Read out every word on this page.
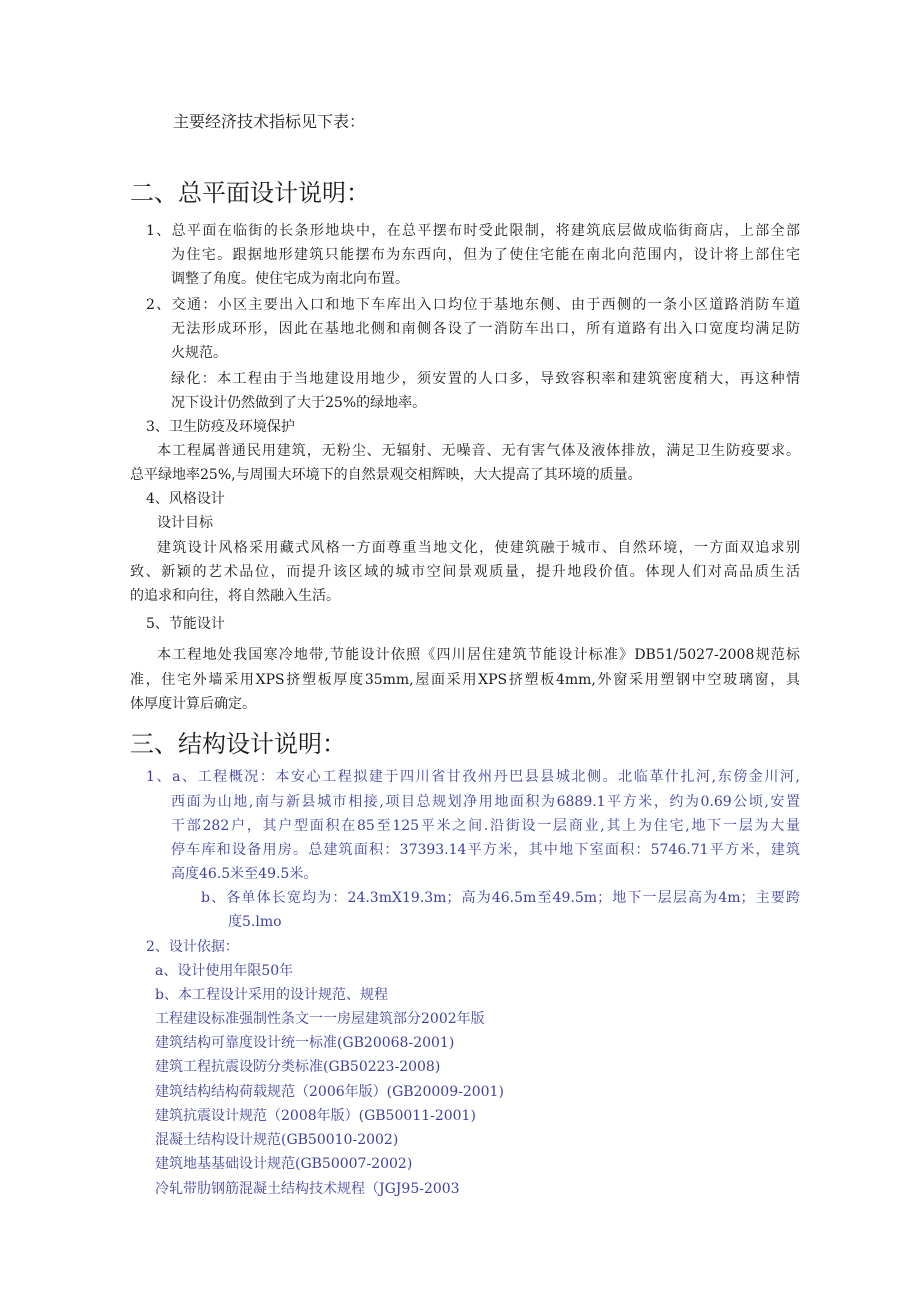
主要经济技术指标见下表：

二、总平面设计说明：

1、总平面在临街的长条形地块中，在总平摆布时受此限制，将建筑底层做成临街商店，上部全部

为住宅。跟据地形建筑只能摆布为东西向，但为了使住宅能在南北向范围内，设计将上部住宅

调整了角度。使住宅成为南北向布置。

2、交通：小区主要出入口和地下车库出入口均位于基地东侧、由于西侧的一条小区道路消防车道

无法形成环形，因此在基地北侧和南侧各设了一消防车出口，所有道路有出入口宽度均满足防

火规范。

绿化：本工程由于当地建设用地少，须安置的人口多，导致容积率和建筑密度稍大，再这种情

况下设计仍然做到了大于25%的绿地率。

3、卫生防疫及环境保护

本工程属普通民用建筑，无粉尘、无辐射、无噪音、无有害气体及液体排放，满足卫生防疫要求。

总平绿地率25%,与周围大环境下的自然景观交相辉映，大大提高了其环境的质量。

4、风格设计

设计目标

建筑设计风格采用藏式风格一方面尊重当地文化，使建筑融于城市、自然环境，一方面双追求别

致、新颖的艺术品位，而提升该区域的城市空间景观质量，提升地段价值。体现人们对高品质生活

的追求和向往，将自然融入生活。

5、节能设计

本工程地处我国寒冷地带,节能设计依照《四川居住建筑节能设计标准》DB51/5027-2008规范标

准，住宅外墙采用XPS挤塑板厚度35mm,屋面采用XPS挤塑板4mm,外窗采用塑钢中空玻璃窗，具

体厚度计算后确定。

三、结构设计说明：

1、a、工程概况：本安心工程拟建于四川省甘孜州丹巴县县城北侧。北临革什扎河,东傍金川河,

西面为山地,南与新县城市相接,项目总规划净用地面积为6889.1平方米，约为0.69公顷,安置

干部282户，其户型面积在85至125平米之间.沿街设一层商业,其上为住宅,地下一层为大量

停车库和设备用房。总建筑面积：37393.14平方米，其中地下室面积：5746.71平方米，建筑

高度46.5米至49.5米。

b、各单体长宽均为：24.3mX19.3m；高为46.5m至49.5m；地下一层层高为4m；主要跨

度5.lmo

2、设计依据：

a、设计使用年限50年

b、本工程设计采用的设计规范、规程

工程建设标准强制性条文一一房屋建筑部分2002年版

建筑结构可靠度设计统一标准(GB20068-2001)

建筑工程抗震设防分类标准(GB50223-2008)

建筑结构结构荷载规范（2006年版）(GB20009-2001)

建筑抗震设计规范（2008年版）(GB50011-2001)

混凝土结构设计规范(GB50010-2002)

建筑地基基础设计规范(GB50007-2002)

冷轧带肋钢筋混凝土结构技术规程（JGJ95-2003
